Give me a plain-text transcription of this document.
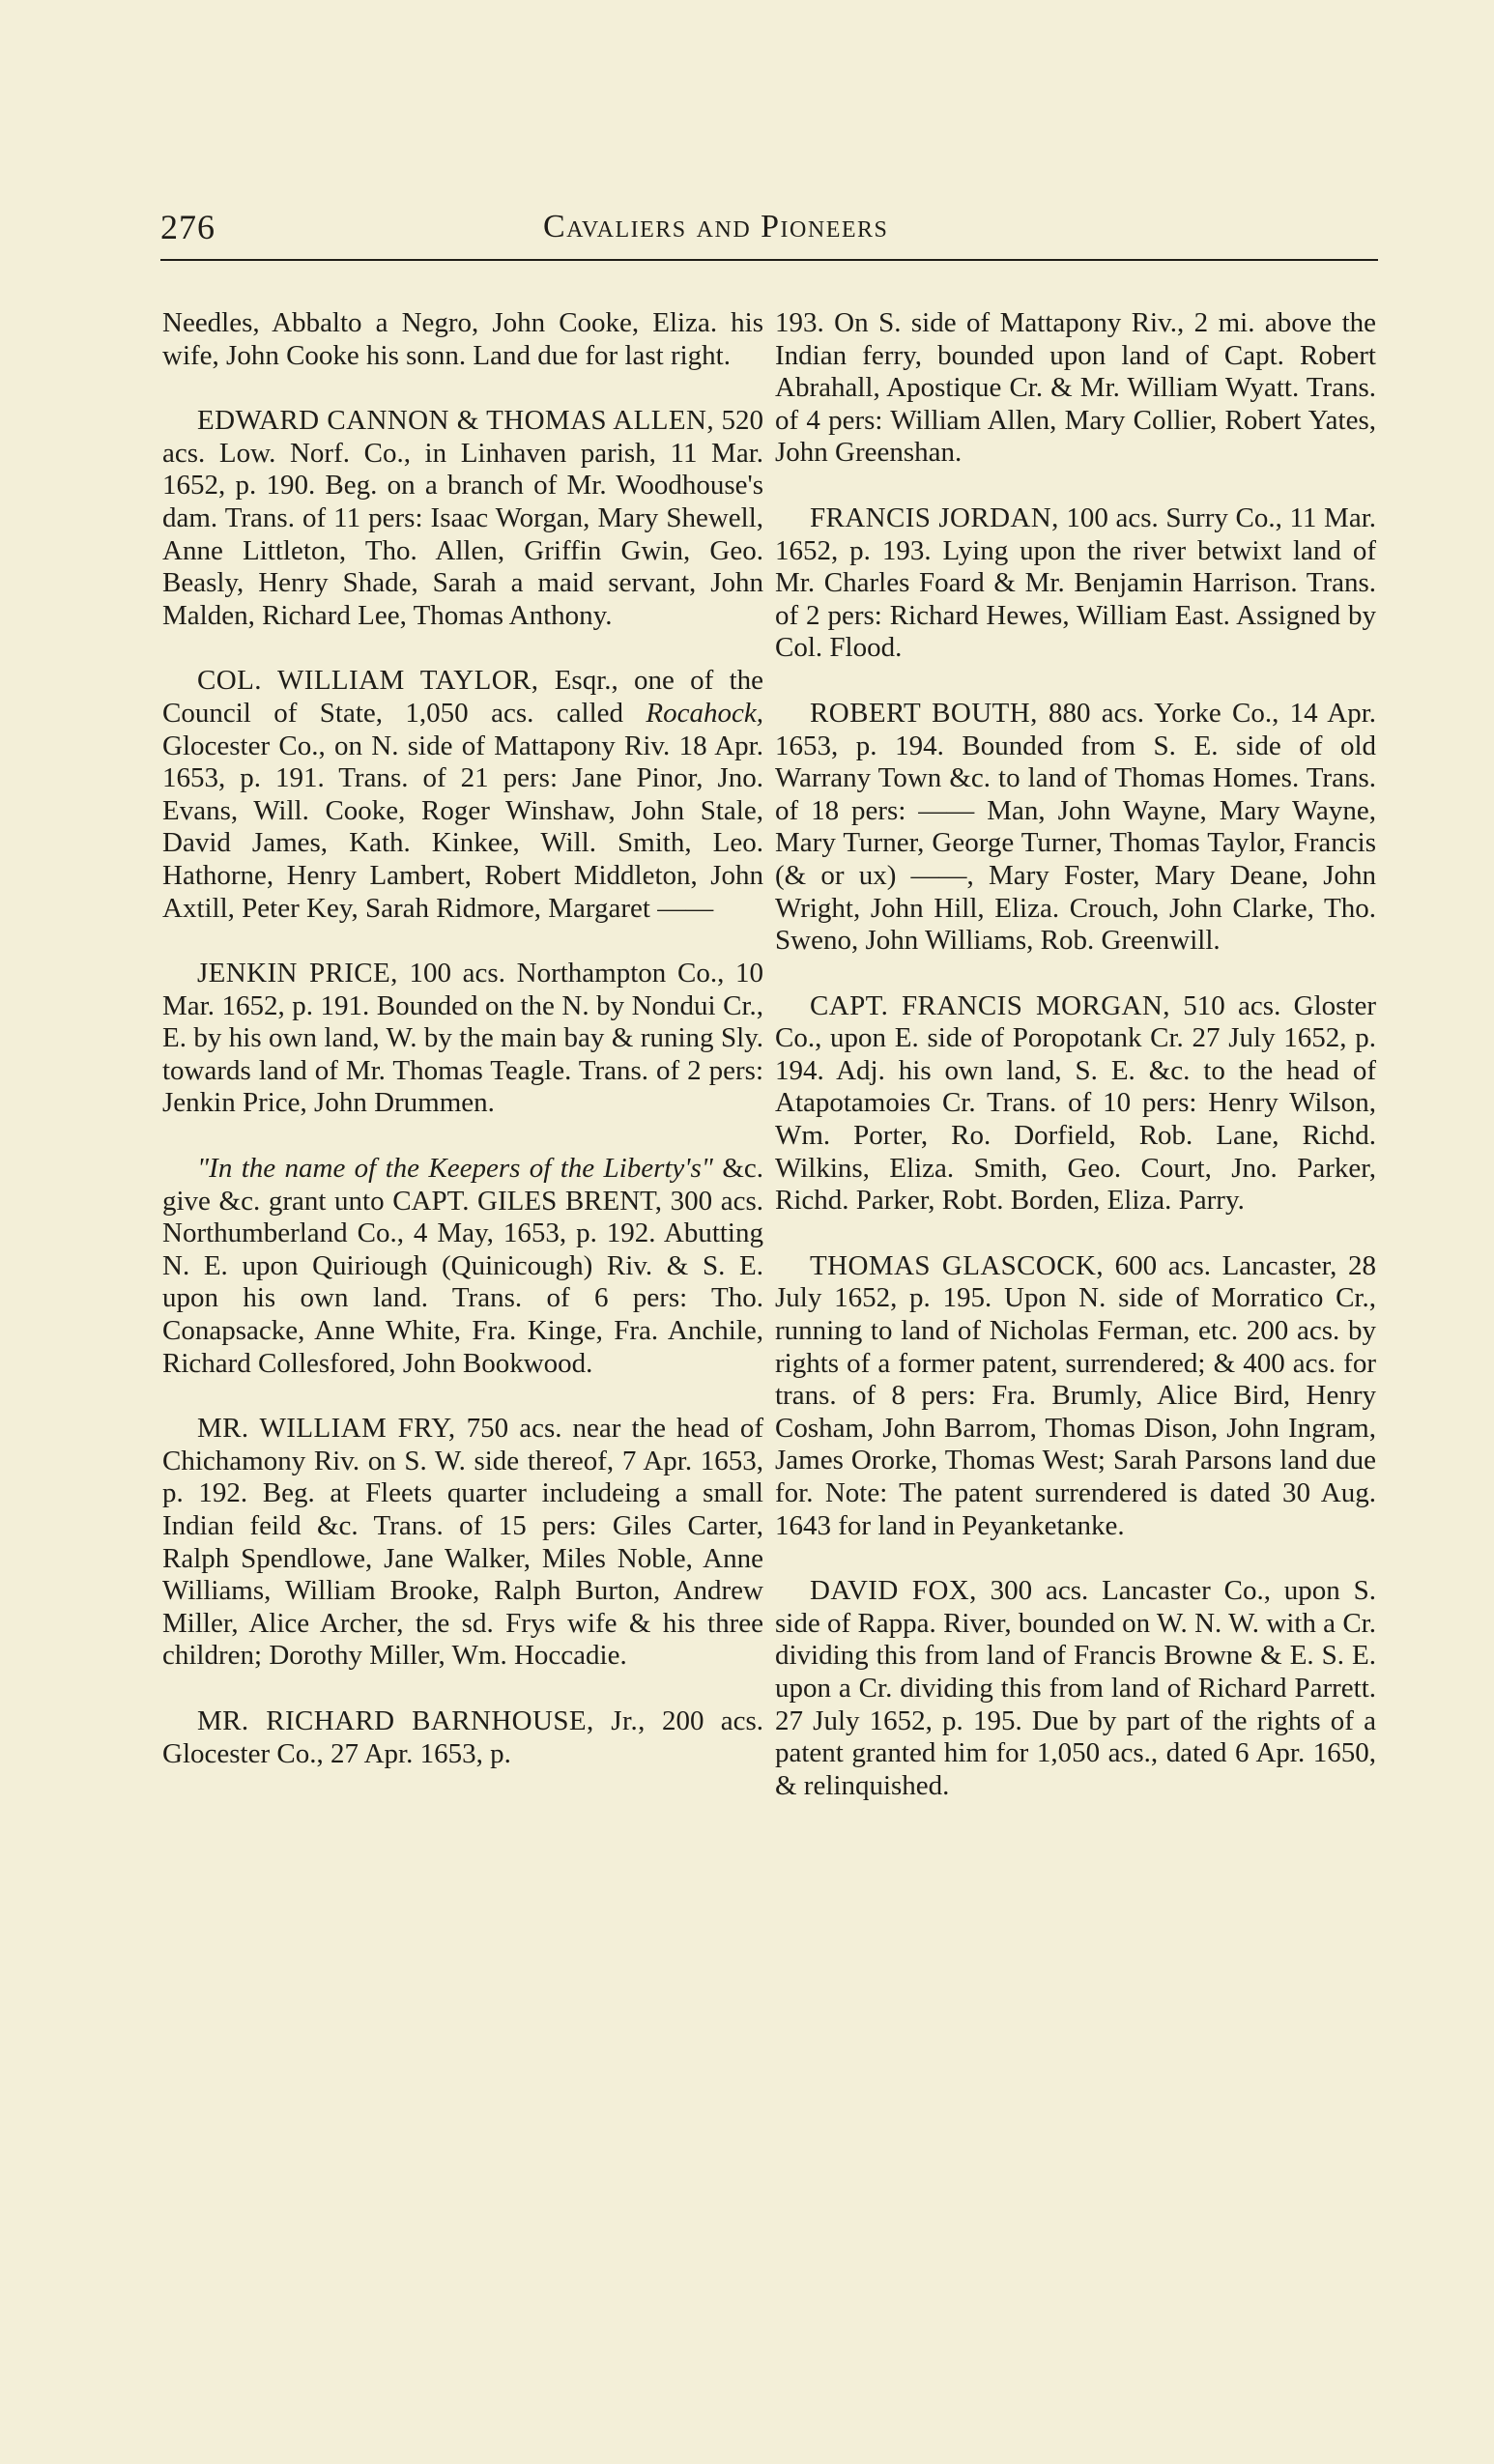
276	Cavaliers and Pioneers

Needles, Abbalto a Negro, John Cooke, Eliza. his wife, John Cooke his sonn. Land due for last right.

EDWARD CANNON & THOMAS ALLEN, 520 acs. Low. Norf. Co., in Linhaven parish, 11 Mar. 1652, p. 190. Beg. on a branch of Mr. Woodhouse's dam. Trans. of 11 pers: Isaac Worgan, Mary Shewell, Anne Littleton, Tho. Allen, Griffin Gwin, Geo. Beasly, Henry Shade, Sarah a maid servant, John Malden, Richard Lee, Thomas Anthony.

COL. WILLIAM TAYLOR, Esqr., one of the Council of State, 1,050 acs. called Rocahock, Glocester Co., on N. side of Mattapony Riv. 18 Apr. 1653, p. 191. Trans. of 21 pers: Jane Pinor, Jno. Evans, Will. Cooke, Roger Winshaw, John Stale, David James, Kath. Kinkee, Will. Smith, Leo. Hathorne, Henry Lambert, Robert Middleton, John Axtill, Peter Key, Sarah Ridmore, Margaret ——

JENKIN PRICE, 100 acs. Northampton Co., 10 Mar. 1652, p. 191. Bounded on the N. by Nondui Cr., E. by his own land, W. by the main bay & runing Sly. towards land of Mr. Thomas Teagle. Trans. of 2 pers: Jenkin Price, John Drummen.

"In the name of the Keepers of the Liberty's" &c. give &c. grant unto CAPT. GILES BRENT, 300 acs. Northumberland Co., 4 May, 1653, p. 192. Abutting N. E. upon Quiriough (Quinicough) Riv. & S. E. upon his own land. Trans. of 6 pers: Tho. Conapsacke, Anne White, Fra. Kinge, Fra. Anchile, Richard Collesfored, John Bookwood.

MR. WILLIAM FRY, 750 acs. near the head of Chichamony Riv. on S. W. side thereof, 7 Apr. 1653, p. 192. Beg. at Fleets quarter includeing a small Indian feild &c. Trans. of 15 pers: Giles Carter, Ralph Spendlowe, Jane Walker, Miles Noble, Anne Williams, William Brooke, Ralph Burton, Andrew Miller, Alice Archer, the sd. Frys wife & his three children; Dorothy Miller, Wm. Hoccadie.

MR. RICHARD BARNHOUSE, Jr., 200 acs. Glocester Co., 27 Apr. 1653, p.

193. On S. side of Mattapony Riv., 2 mi. above the Indian ferry, bounded upon land of Capt. Robert Abrahall, Apostique Cr. & Mr. William Wyatt. Trans. of 4 pers: William Allen, Mary Collier, Robert Yates, John Greenshan.

FRANCIS JORDAN, 100 acs. Surry Co., 11 Mar. 1652, p. 193. Lying upon the river betwixt land of Mr. Charles Foard & Mr. Benjamin Harrison. Trans. of 2 pers: Richard Hewes, William East. Assigned by Col. Flood.

ROBERT BOUTH, 880 acs. Yorke Co., 14 Apr. 1653, p. 194. Bounded from S. E. side of old Warrany Town &c. to land of Thomas Homes. Trans. of 18 pers: —— Man, John Wayne, Mary Wayne, Mary Turner, George Turner, Thomas Taylor, Francis (& or ux) ——, Mary Foster, Mary Deane, John Wright, John Hill, Eliza. Crouch, John Clarke, Tho. Sweno, John Williams, Rob. Greenwill.

CAPT. FRANCIS MORGAN, 510 acs. Gloster Co., upon E. side of Poropotank Cr. 27 July 1652, p. 194. Adj. his own land, S. E. &c. to the head of Atapotamoies Cr. Trans. of 10 pers: Henry Wilson, Wm. Porter, Ro. Dorfield, Rob. Lane, Richd. Wilkins, Eliza. Smith, Geo. Court, Jno. Parker, Richd. Parker, Robt. Borden, Eliza. Parry.

THOMAS GLASCOCK, 600 acs. Lancaster, 28 July 1652, p. 195. Upon N. side of Morratico Cr., running to land of Nicholas Ferman, etc. 200 acs. by rights of a former patent, surrendered; & 400 acs. for trans. of 8 pers: Fra. Brumly, Alice Bird, Henry Cosham, John Barrom, Thomas Dison, John Ingram, James Ororke, Thomas West; Sarah Parsons land due for. Note: The patent surrendered is dated 30 Aug. 1643 for land in Peyanketanke.

DAVID FOX, 300 acs. Lancaster Co., upon S. side of Rappa. River, bounded on W. N. W. with a Cr. dividing this from land of Francis Browne & E. S. E. upon a Cr. dividing this from land of Richard Parrett. 27 July 1652, p. 195. Due by part of the rights of a patent granted him for 1,050 acs., dated 6 Apr. 1650, & relinquished.
